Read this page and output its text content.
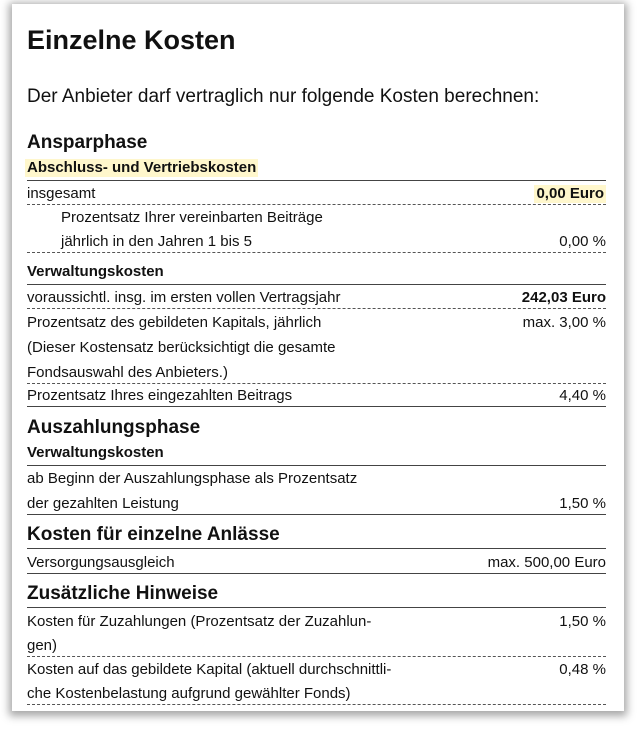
Einzelne Kosten
Der Anbieter darf vertraglich nur folgende Kosten berechnen:
Ansparphase
Abschluss- und Vertriebskosten
insgesamt	0,00 Euro
Prozentsatz Ihrer vereinbarten Beiträge
jährlich in den Jahren 1 bis 5	0,00 %
Verwaltungskosten
voraussichtl. insg. im ersten vollen Vertragsjahr	242,03 Euro
Prozentsatz des gebildeten Kapitals, jährlich	max. 3,00 %
(Dieser Kostensatz berücksichtigt die gesamte
Fondsauswahl des Anbieters.)
Prozentsatz Ihres eingezahlten Beitrags	4,40 %
Auszahlungsphase
Verwaltungskosten
ab Beginn der Auszahlungsphase als Prozentsatz
der gezahlten Leistung	1,50 %
Kosten für einzelne Anlässe
Versorgungsausgleich	max. 500,00 Euro
Zusätzliche Hinweise
Kosten für Zuzahlungen (Prozentsatz der Zuzahlun-	1,50 %
gen)
Kosten auf das gebildete Kapital (aktuell durchschnittli-	0,48 %
che Kostenbelastung aufgrund gewählter Fonds)
